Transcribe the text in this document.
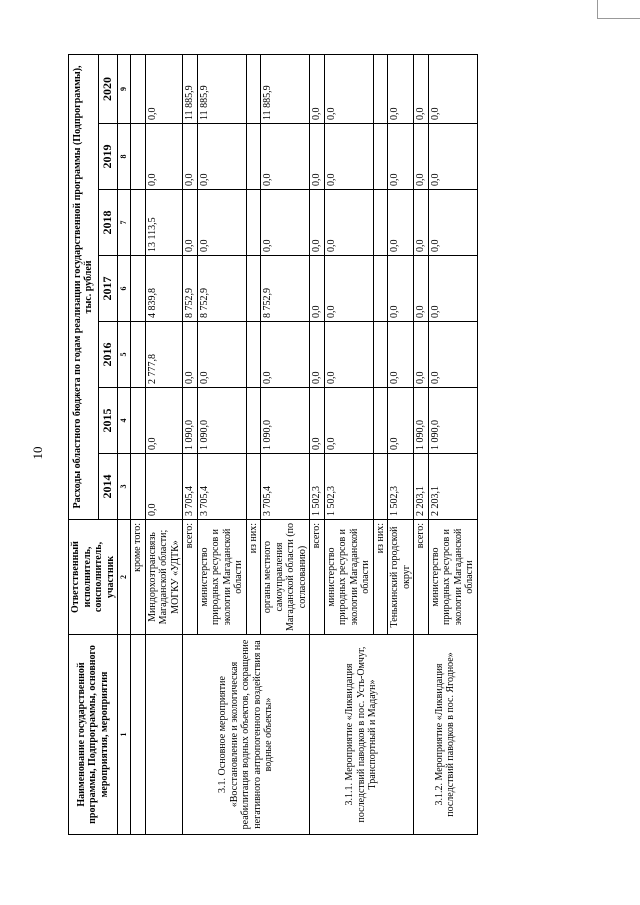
10
Наименование государственной программы, Подпрограммы, основного мероприятия, мероприятия	Ответственный исполнитель, соисполнитель, участник	Расходы областного бюджета по годам реализации государственной программы (Подпрограммы), тыс. рублей						
		2014	2015	2016	2017	2018	2019	2020
1	2	3	4	5	6	7	8	9
	кроме того:							
	Миндорхозтрансвязь Магаданской области; МОГКУ «УДТК»	0,0	0,0	2 777,8	4 839,8	13 113,5	0,0	0,0
3.1. Основное мероприятие «Восстановление и экологическая реабилитация водных объектов, сокращение негативного антропогенного воздействия на водные объекты»	всего:	3 705,4	1 090,0	0,0	8 752,9	0,0	0,0	11 885,9
	министерство природных ресурсов и экологии Магаданской области	3 705,4	1 090,0	0,0	8 752,9	0,0	0,0	11 885,9
	из них:							
	органы местного самоуправления Магаданской области (по согласованию)	3 705,4	1 090,0	0,0	8 752,9	0,0	0,0	11 885,9
3.1.1. Мероприятие «Ликвидация последствий паводков в пос. Усть-Омчуг, Транспортный и Мадаун»	всего:	1 502,3	0,0	0,0	0,0	0,0	0,0	0,0
	министерство природных ресурсов и экологии Магаданской области	1 502,3	0,0	0,0	0,0	0,0	0,0	0,0
	из них:							
	Тенькинский городской округ	1 502,3	0,0	0,0	0,0	0,0	0,0	0,0
3.1.2. Мероприятие «Ликвидация последствий паводков в пос. Ягодное»	всего:	2 203,1	1 090,0	0,0	0,0	0,0	0,0	0,0
	министерство природных ресурсов и экологии Магаданской области	2 203,1	1 090,0	0,0	0,0	0,0	0,0	0,0
